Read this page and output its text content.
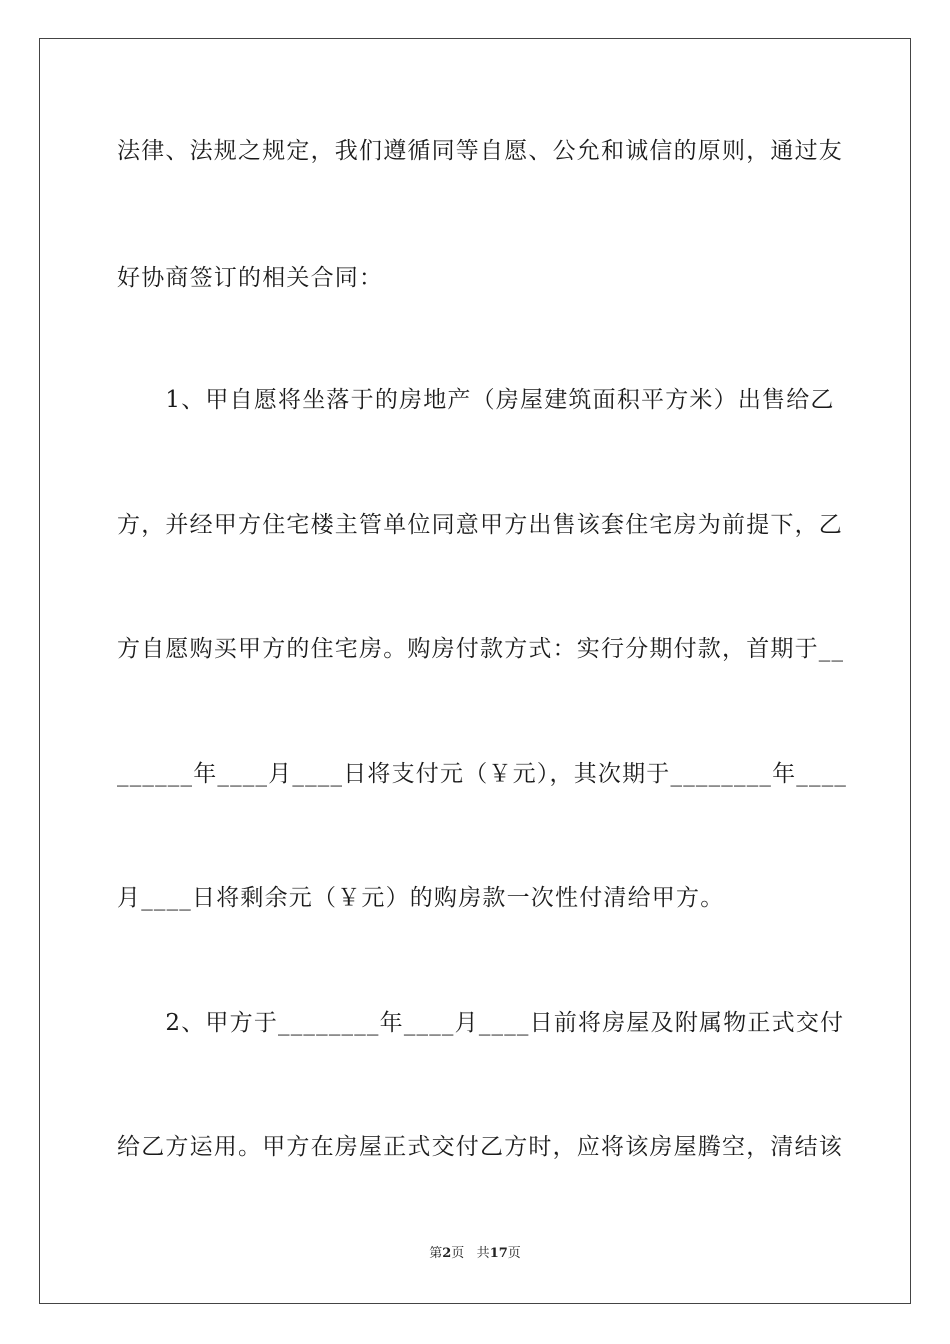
法律、法规之规定，我们遵循同等自愿、公允和诚信的原则，通过友
好协商签订的相关合同：
　　1、甲自愿将坐落于的房地产（房屋建筑面积平方米）出售给乙
方，并经甲方住宅楼主管单位同意甲方出售该套住宅房为前提下，乙
方自愿购买甲方的住宅房。购房付款方式：实行分期付款，首期于__
______年____月____日将支付元（￥元），其次期于________年____
月____日将剩余元（￥元）的购房款一次性付清给甲方。
　　2、甲方于________年____月____日前将房屋及附属物正式交付
给乙方运用。甲方在房屋正式交付乙方时，应将该房屋腾空，清结该
第2页 共17页
